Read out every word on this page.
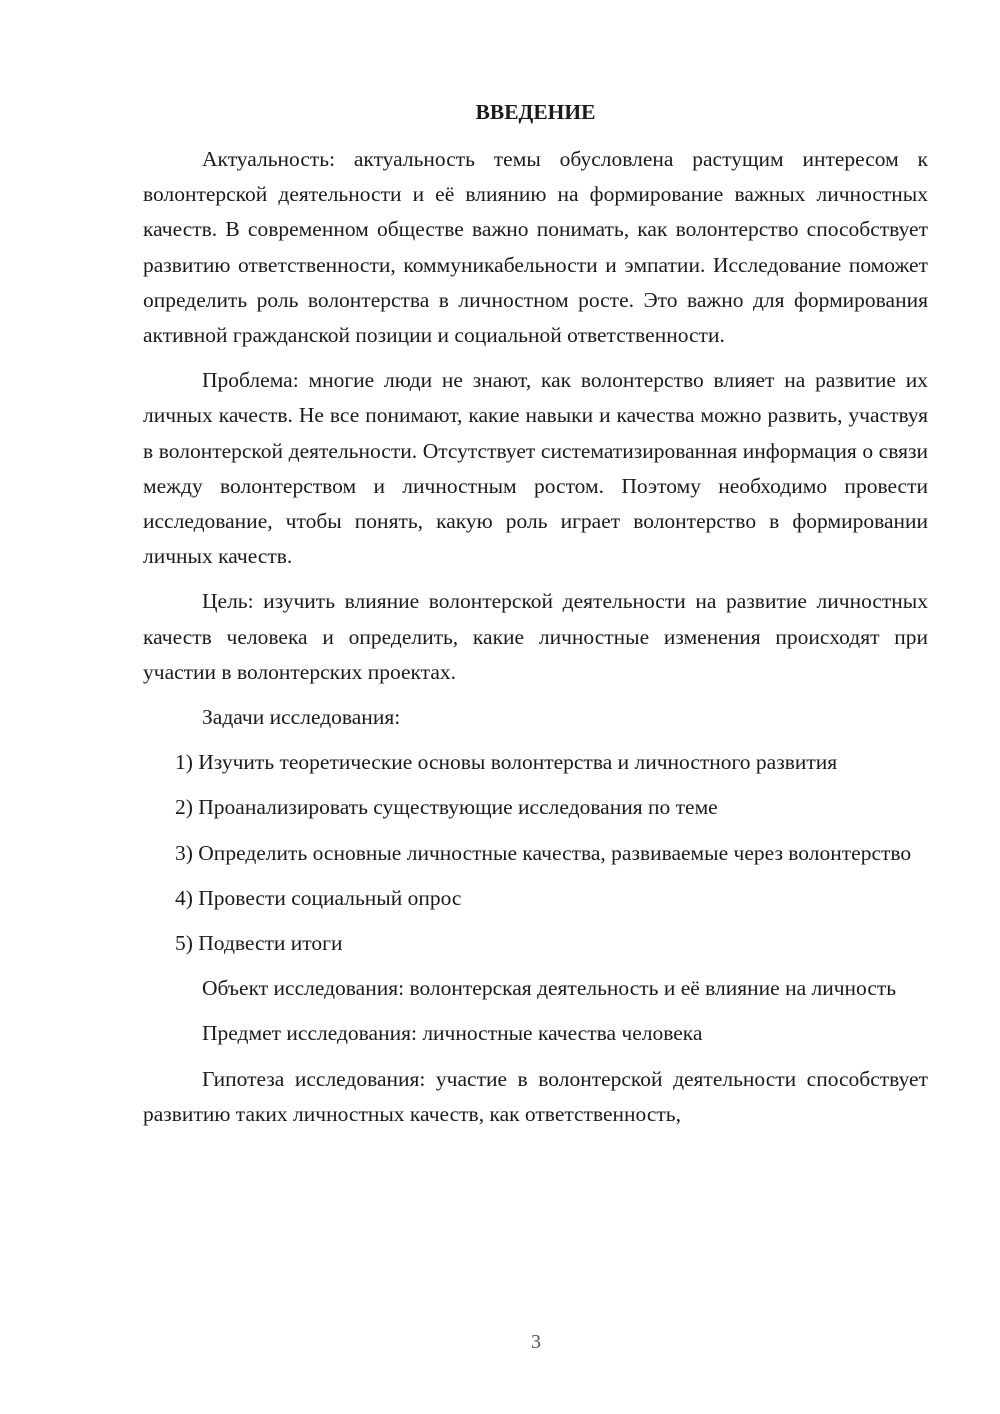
ВВЕДЕНИЕ

Актуальность: актуальность темы обусловлена растущим интересом к волонтерской деятельности и её влиянию на формирование важных личностных качеств. В современном обществе важно понимать, как волонтерство способствует развитию ответственности, коммуникабельности и эмпатии. Исследование поможет определить роль волонтерства в личностном росте. Это важно для формирования активной гражданской позиции и социальной ответственности.

Проблема: многие люди не знают, как волонтерство влияет на развитие их личных качеств. Не все понимают, какие навыки и качества можно развить, участвуя в волонтерской деятельности. Отсутствует систематизированная информация о связи между волонтерством и личностным ростом. Поэтому необходимо провести исследование, чтобы понять, какую роль играет волонтерство в формировании личных качеств.

Цель: изучить влияние волонтерской деятельности на развитие личностных качеств человека и определить, какие личностные изменения происходят при участии в волонтерских проектах.

Задачи исследования:

1) Изучить теоретические основы волонтерства и личностного развития

2) Проанализировать существующие исследования по теме

3) Определить основные личностные качества, развиваемые через волонтерство

4) Провести социальный опрос

5) Подвести итоги

Объект исследования: волонтерская деятельность и её влияние на личность

Предмет исследования: личностные качества человека

Гипотеза исследования: участие в волонтерской деятельности способствует развитию таких личностных качеств, как ответственность,

3
